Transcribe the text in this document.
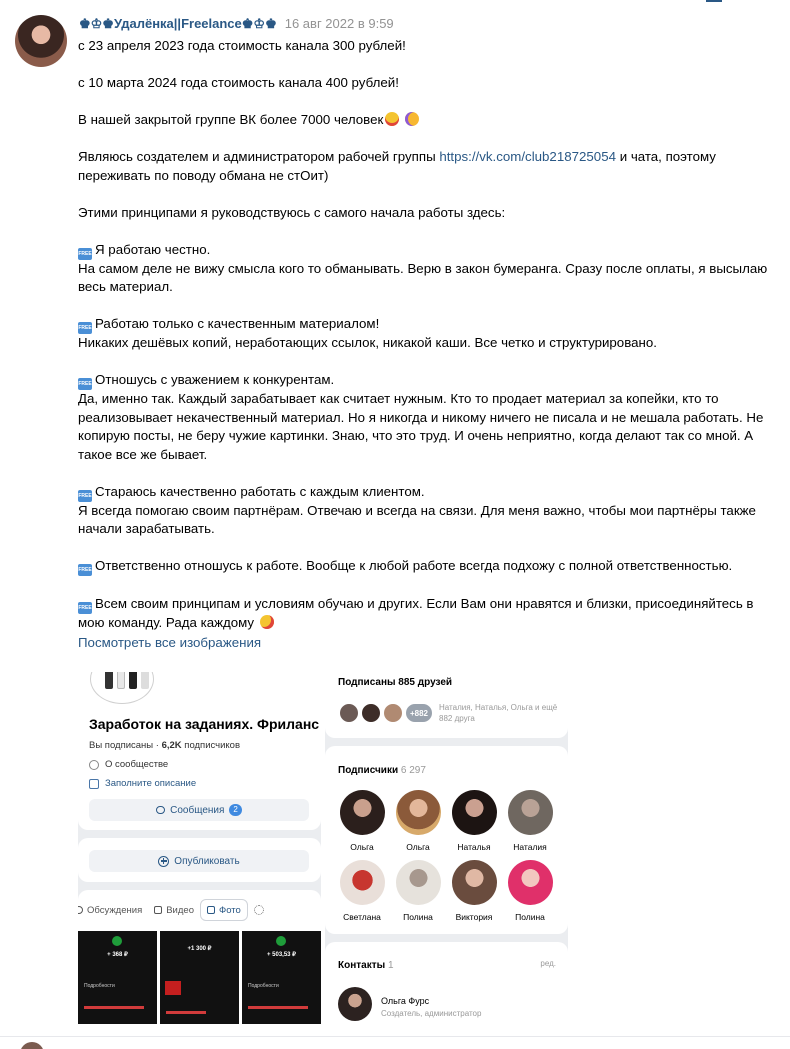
♚♔♚Удалёнка||Freelance♚♔♚ 16 авг 2022 в 9:59
с 23 апреля 2023 года стоимость канала 300 рублей!
с 10 марта 2024 года стоимость канала 400 рублей!
В нашей закрытой группе ВК более 7000 человек
Являюсь создателем и администратором рабочей группы https://vk.com/club218725054 и чата, поэтому переживать по поводу обмана не стОит)
Этими принципами я руководствуюсь с самого начала работы здесь:
FREE Я работаю честно.
На самом деле не вижу смысла кого то обманывать. Верю в закон бумеранга. Сразу после оплаты, я высылаю весь материал.
FREE Работаю только с качественным материалом!
Никаких дешёвых копий, неработающих ссылок, никакой каши. Все четко и структурировано.
FREE Отношусь с уважением к конкурентам.
Да, именно так. Каждый зарабатывает как считает нужным. Кто то продает материал за копейки, кто то реализовывает некачественный материал. Но я никогда и никому ничего не писала и не мешала работать. Не копирую посты, не беру чужие картинки. Знаю, что это труд. И очень неприятно, когда делают так со мной. А такое все же бывает.
FREE Стараюсь качественно работать с каждым клиентом.
Я всегда помогаю своим партнёрам. Отвечаю и всегда на связи. Для меня важно, чтобы мои партнёры также начали зарабатывать.
FREE Ответственно отношусь к работе. Вообще к любой работе всегда подхожу с полной ответственностью.
FREE Всем своим принципам и условиям обучаю и других. Если Вам они нравятся и близки, присоединяйтесь в мою команду. Рада каждому
Посмотреть все изображения
Заработок на заданиях. Фриланс
Вы подписаны · 6,2K подписчиков
О сообществе
Заполните описание
Сообщения	2
Опубликовать
Обсуждения	Видео	Фото
+ 368 ₽
Подробности
+1 300 ₽
+ 503,53 ₽
Подробности
Подписаны 885 друзей
+882
Наталия, Наталья, Ольга и ещё 882 друга
Подписчики 6 297
Ольга	Ольга	Наталья	Наталия
Светлана	Полина	Виктория	Полина
Контакты 1	ред.
Ольга Фурс
Создатель, администратор
